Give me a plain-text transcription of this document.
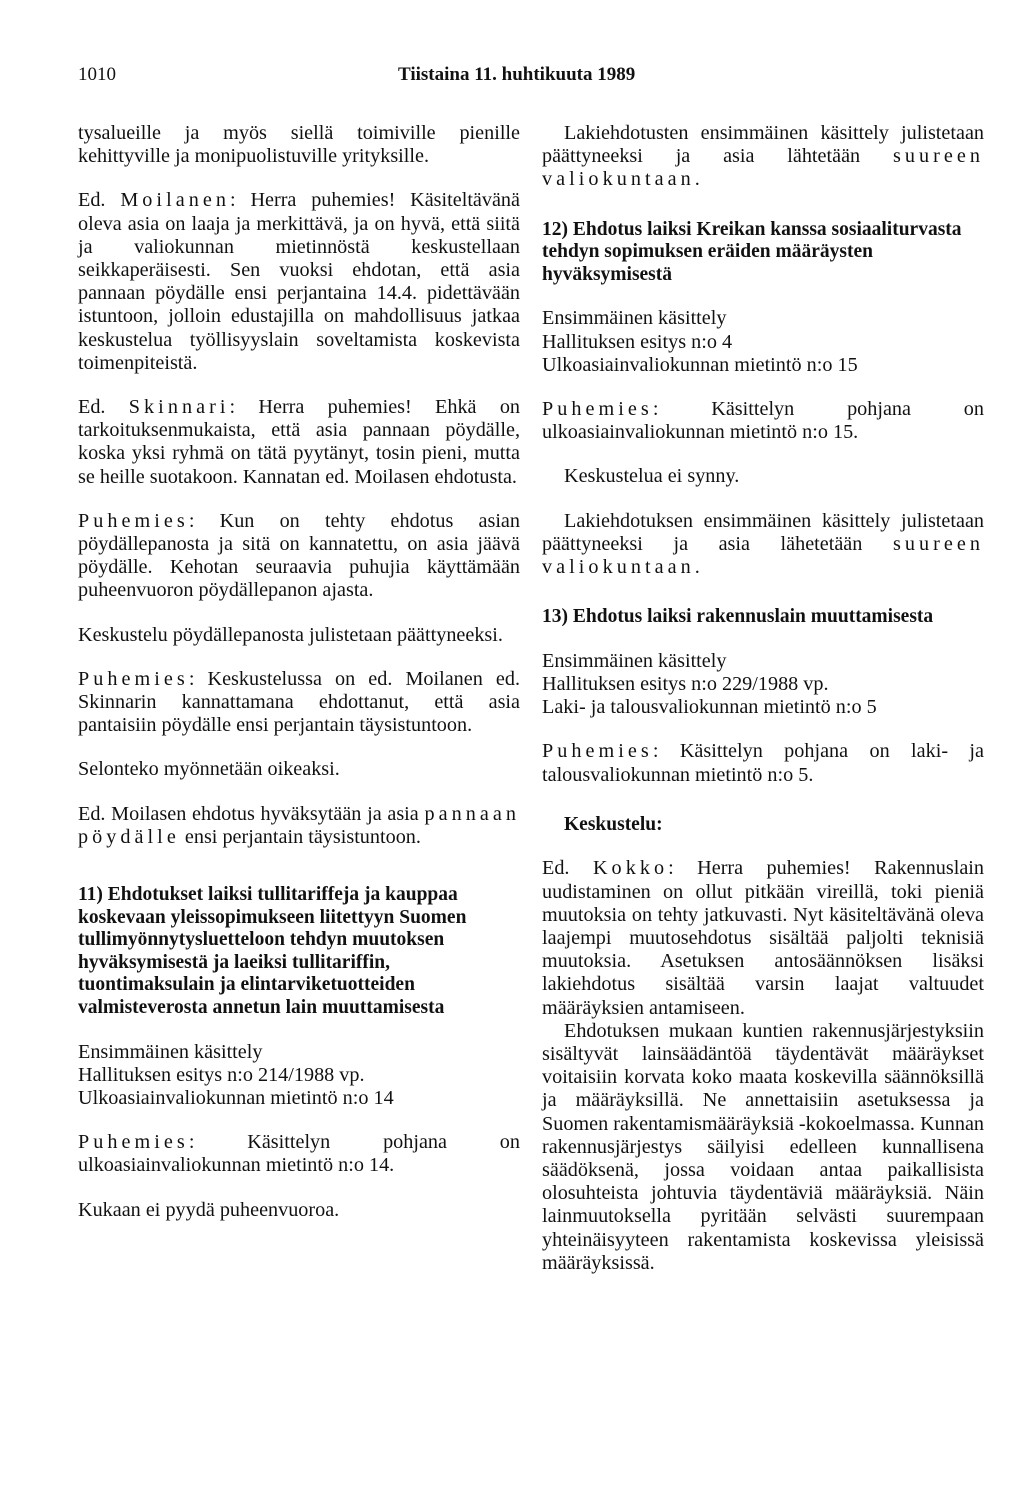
1010	Tiistaina 11. huhtikuuta 1989

tysalueille ja myös siellä toimiville pienille kehittyville ja monipuolistuville yrityksille.

Ed. Moilanen: Herra puhemies! Käsiteltävänä oleva asia on laaja ja merkittävä, ja on hyvä, että siitä ja valiokunnan mietinnöstä keskustellaan seikkaperäisesti. Sen vuoksi ehdotan, että asia pannaan pöydälle ensi perjantaina 14.4. pidettävään istuntoon, jolloin edustajilla on mahdollisuus jatkaa keskustelua työllisyyslain soveltamista koskevista toimenpiteistä.

Ed. Skinnari: Herra puhemies! Ehkä on tarkoituksenmukaista, että asia pannaan pöydälle, koska yksi ryhmä on tätä pyytänyt, tosin pieni, mutta se heille suotakoon. Kannatan ed. Moilasen ehdotusta.

Puhemies: Kun on tehty ehdotus asian pöydällepanosta ja sitä on kannatettu, on asia jäävä pöydälle. Kehotan seuraavia puhujia käyttämään puheenvuoron pöydällepanon ajasta.

Keskustelu pöydällepanosta julistetaan päättyneeksi.

Puhemies: Keskustelussa on ed. Moilanen ed. Skinnarin kannattamana ehdottanut, että asia pantaisiin pöydälle ensi perjantain täysistuntoon.

Selonteko myönnetään oikeaksi.

Ed. Moilasen ehdotus hyväksytään ja asia pannaan pöydälle ensi perjantain täysistuntoon.

11) Ehdotukset laiksi tullitariffeja ja kauppaa koskevaan yleissopimukseen liitettyyn Suomen tullimyönnytysluetteloon tehdyn muutoksen hyväksymisestä ja laeiksi tullitariffin, tuontimaksulain ja elintarviketuotteiden valmisteverosta annetun lain muuttamisesta

Ensimmäinen käsittely

Hallituksen esitys n:o 214/1988 vp.

Ulkoasiainvaliokunnan mietintö n:o 14

Puhemies: Käsittelyn pohjana on ulkoasiainvaliokunnan mietintö n:o 14.

Kukaan ei pyydä puheenvuoroa.

Lakiehdotusten ensimmäinen käsittely julistetaan päättyneeksi ja asia lähtetään suureen valiokuntaan.

12) Ehdotus laiksi Kreikan kanssa sosiaaliturvasta tehdyn sopimuksen eräiden määräysten hyväksymisestä

Ensimmäinen käsittely

Hallituksen esitys n:o 4

Ulkoasiainvaliokunnan mietintö n:o 15

Puhemies: Käsittelyn pohjana on ulkoasiainvaliokunnan mietintö n:o 15.

Keskustelua ei synny.

Lakiehdotuksen ensimmäinen käsittely julistetaan päättyneeksi ja asia lähetetään suureen valiokuntaan.

13) Ehdotus laiksi rakennuslain muuttamisesta

Ensimmäinen käsittely

Hallituksen esitys n:o 229/1988 vp.

Laki- ja talousvaliokunnan mietintö n:o 5

Puhemies: Käsittelyn pohjana on laki- ja talousvaliokunnan mietintö n:o 5.

Keskustelu:

Ed. Kokko: Herra puhemies! Rakennuslain uudistaminen on ollut pitkään vireillä, toki pieniä muutoksia on tehty jatkuvasti. Nyt käsiteltävänä oleva laajempi muutosehdotus sisältää paljolti teknisiä muutoksia. Asetuksen antosäännöksen lisäksi lakiehdotus sisältää varsin laajat valtuudet määräyksien antamiseen.

Ehdotuksen mukaan kuntien rakennusjärjestyksiin sisältyvät lainsäädäntöä täydentävät määräykset voitaisiin korvata koko maata koskevilla säännöksillä ja määräyksillä. Ne annettaisiin asetuksessa ja Suomen rakentamismääräyksiä -kokoelmassa. Kunnan rakennusjärjestys säilyisi edelleen kunnallisena säädöksenä, jossa voidaan antaa paikallisista olosuhteista johtuvia täydentäviä määräyksiä. Näin lainmuutoksella pyritään selvästi suurempaan yhteinäisyyteen rakentamista koskevissa yleisissä määräyksissä.
